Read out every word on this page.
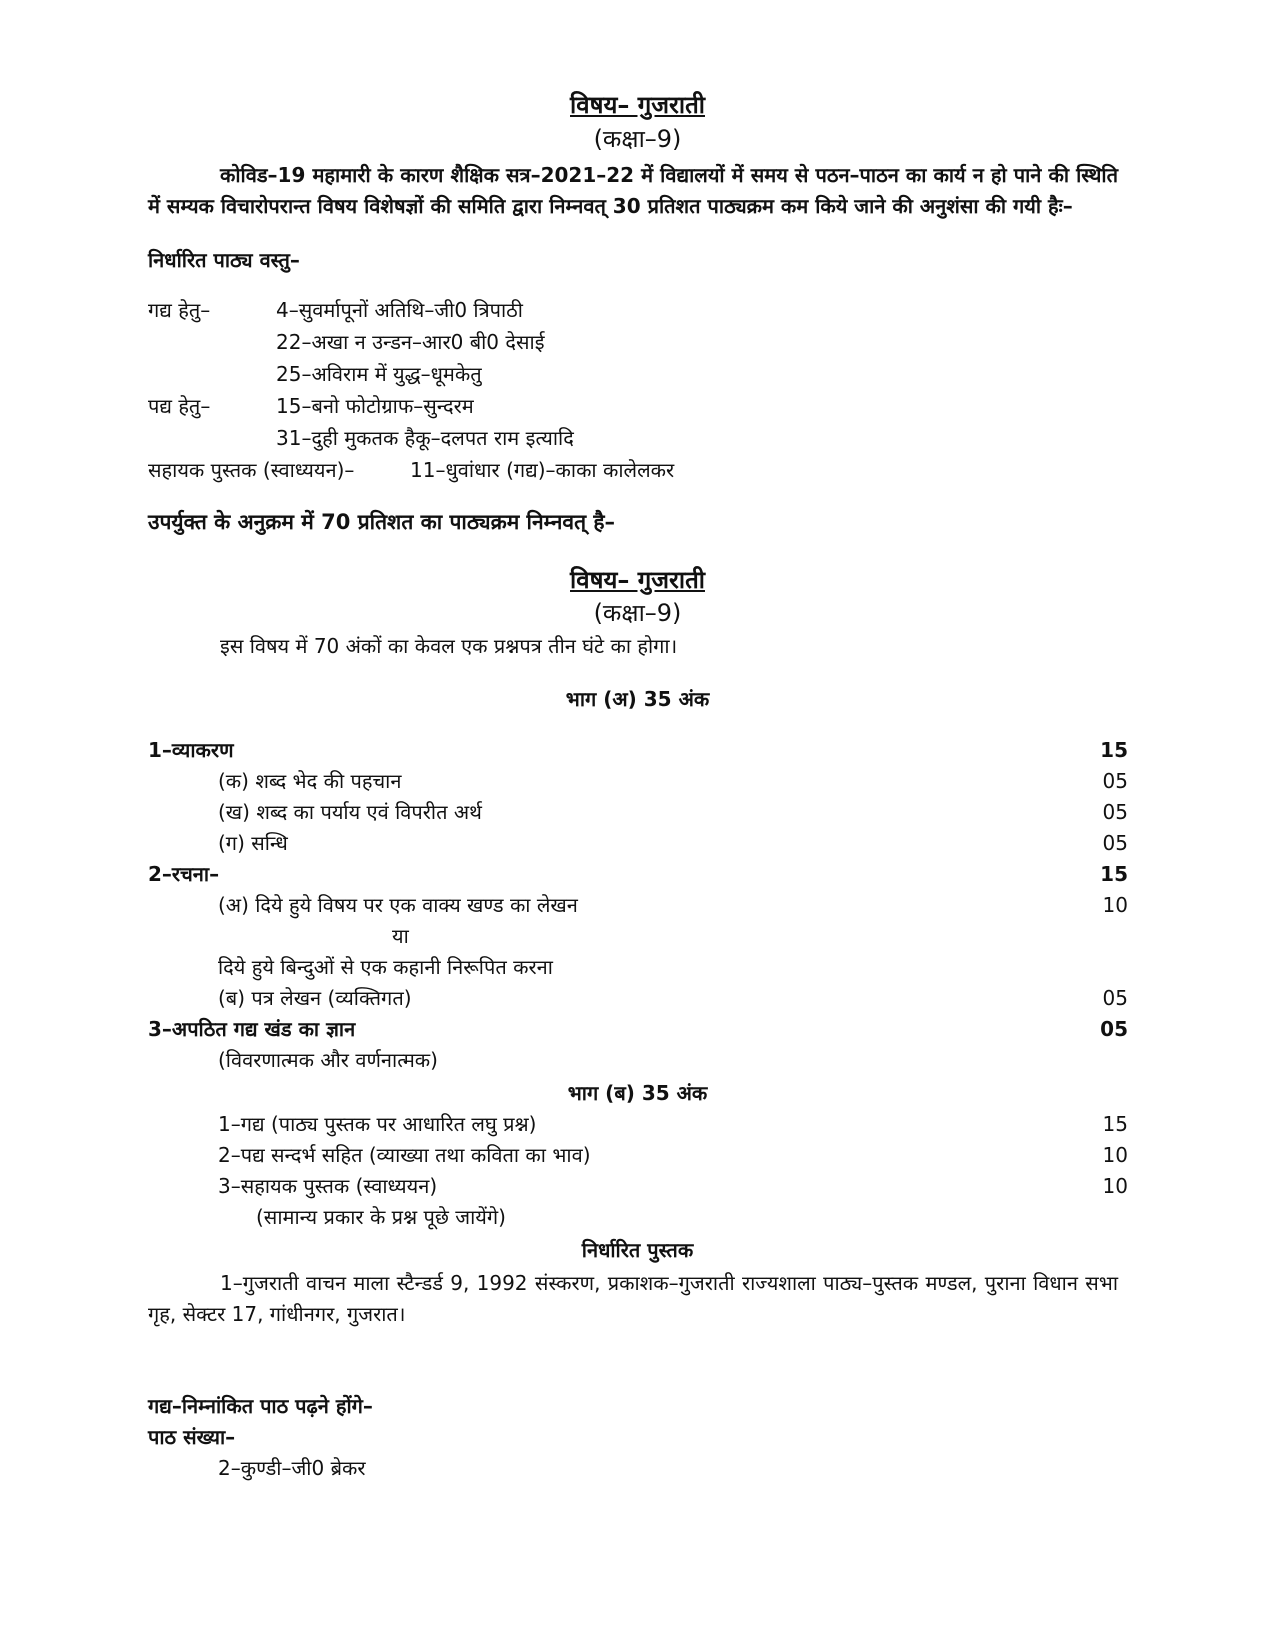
विषय– गुजराती
(कक्षा–9)
कोविड–19 महामारी के कारण शैक्षिक सत्र–2021–22 में विद्यालयों में समय से पठन–पाठन का कार्य न हो पाने की स्थिति में सम्यक विचारोपरान्त विषय विशेषज्ञों की समिति द्वारा निम्नवत् 30 प्रतिशत पाठ्यक्रम कम किये जाने की अनुशंसा की गयी हैः–
निर्धारित पाठ्य वस्तु–
गद्य हेतु–	4–सुवर्मापूनों अतिथि–जी0 त्रिपाठी
22–अखा न उन्डन–आर0 बी0 देसाई
25–अविराम में युद्ध–धूमकेतु
पद्य हेतु–	15–बनो फोटोग्राफ–सुन्दरम
31–दुही मुकतक हैकू–दलपत राम इत्यादि
सहायक पुस्तक (स्वाध्ययन)–	11–धुवांधार (गद्य)–काका कालेलकर
उपर्युक्त के अनुक्रम में 70 प्रतिशत का पाठ्यक्रम निम्नवत् है–
विषय– गुजराती
(कक्षा–9)
इस विषय में 70 अंकों का केवल एक प्रश्नपत्र तीन घंटे का होगा।
भाग (अ) 35 अंक
1–व्याकरण	15
(क) शब्द भेद की पहचान	05
(ख) शब्द का पर्याय एवं विपरीत अर्थ	05
(ग) सन्धि	05
2–रचना–	15
(अ) दिये हुये विषय पर एक वाक्य खण्ड का लेखन	10
या
दिये हुये बिन्दुओं से एक कहानी निरूपित करना
(ब) पत्र लेखन (व्यक्तिगत)	05
3–अपठित गद्य खंड का ज्ञान	05
(विवरणात्मक और वर्णनात्मक)
भाग (ब) 35 अंक
1–गद्य (पाठ्य पुस्तक पर आधारित लघु प्रश्न)	15
2–पद्य सन्दर्भ सहित (व्याख्या तथा कविता का भाव)	10
3–सहायक पुस्तक (स्वाध्ययन)	10
(सामान्य प्रकार के प्रश्न पूछे जायेंगे)
निर्धारित पुस्तक
1–गुजराती वाचन माला स्टैन्डर्ड 9, 1992 संस्करण, प्रकाशक–गुजराती राज्यशाला पाठ्य–पुस्तक मण्डल, पुराना विधान सभा गृह, सेक्टर 17, गांधीनगर, गुजरात।
गद्य–निम्नांकित पाठ पढ़ने होंगे–
पाठ संख्या–
2–कुण्डी–जी0 ब्रेकर
